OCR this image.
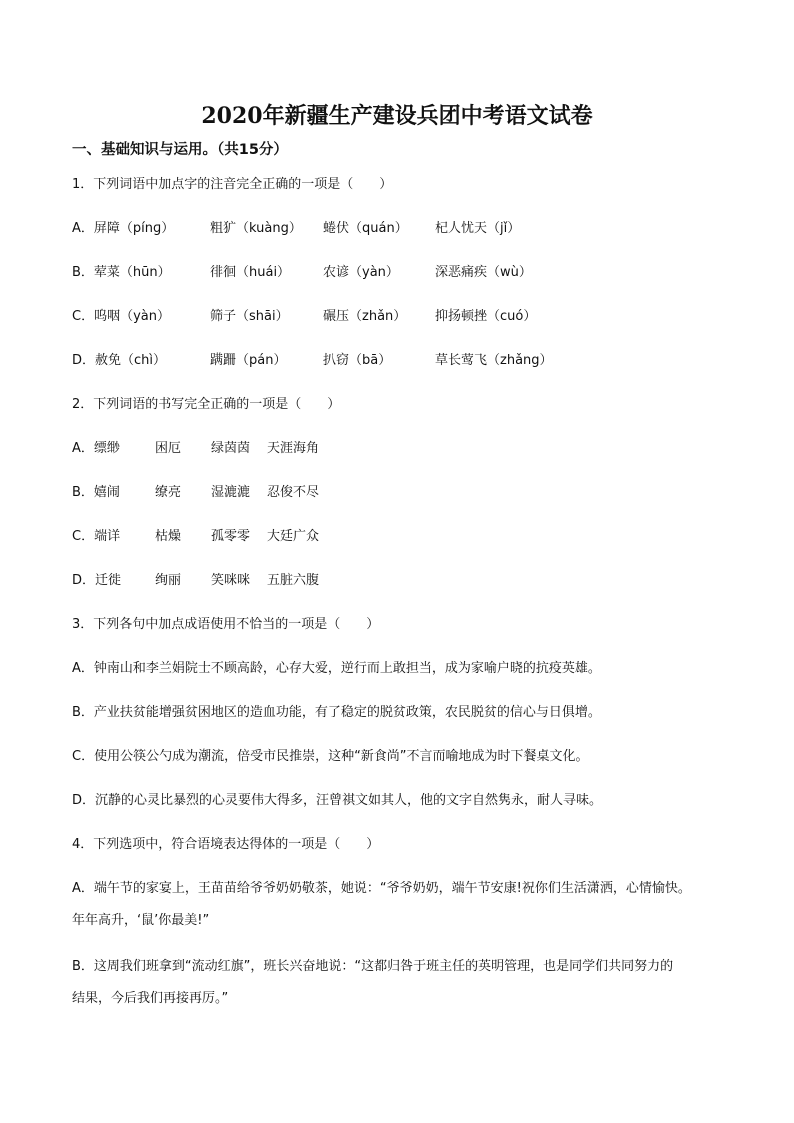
2020年新疆生产建设兵团中考语文试卷
一、基础知识与运用。（共15分）
1．下列词语中加点字的注音完全正确的一项是（　　）
A．屏障（pínɡ）	粗犷（kuàng） 蜷伏（quán） 杞人忧天（jǐ）
B．荤菜（hūn）	徘徊（huái）	农谚（yàn）	深恶痛疾（wù）
C．呜咽（yàn）	筛子（shāi）	碾压（zhǎn） 抑扬顿挫（cuó）
D．赦免（chì）	蹒跚（pán）	扒窃（bā）	草长莺飞（zhǎng）
2．下列词语的书写完全正确的一项是（　　）
A．缥缈	困厄 绿茵茵 天涯海角
B．嬉闹	缭亮 湿漉漉 忍俊不尽
C．端详	枯燥 孤零零 大廷广众
D．迁徙	绚丽 笑咪咪 五脏六腹
3．下列各句中加点成语使用不恰当的一项是（　　）
A．钟南山和李兰娟院士不顾高龄，心存大爱，逆行而上敢担当，成为家喻户晓的抗疫英雄。
B．产业扶贫能增强贫困地区的造血功能，有了稳定的脱贫政策，农民脱贫的信心与日俱增。
C．使用公筷公勺成为潮流，倍受市民推崇，这种“新食尚”不言而喻地成为时下餐桌文化。
D．沉静的心灵比暴烈的心灵要伟大得多，汪曾祺文如其人，他的文字自然隽永，耐人寻味。
4．下列选项中，符合语境表达得体的一项是（　　）
A．端午节的家宴上，王苗苗给爷爷奶奶敬茶，她说：“爷爷奶奶，端午节安康!祝你们生活潇洒，心情愉快。
年年高升，‘鼠’你最美!”
B．这周我们班拿到“流动红旗”，班长兴奋地说：“这都归咎于班主任的英明管理，也是同学们共同努力的
结果，今后我们再接再厉。”
